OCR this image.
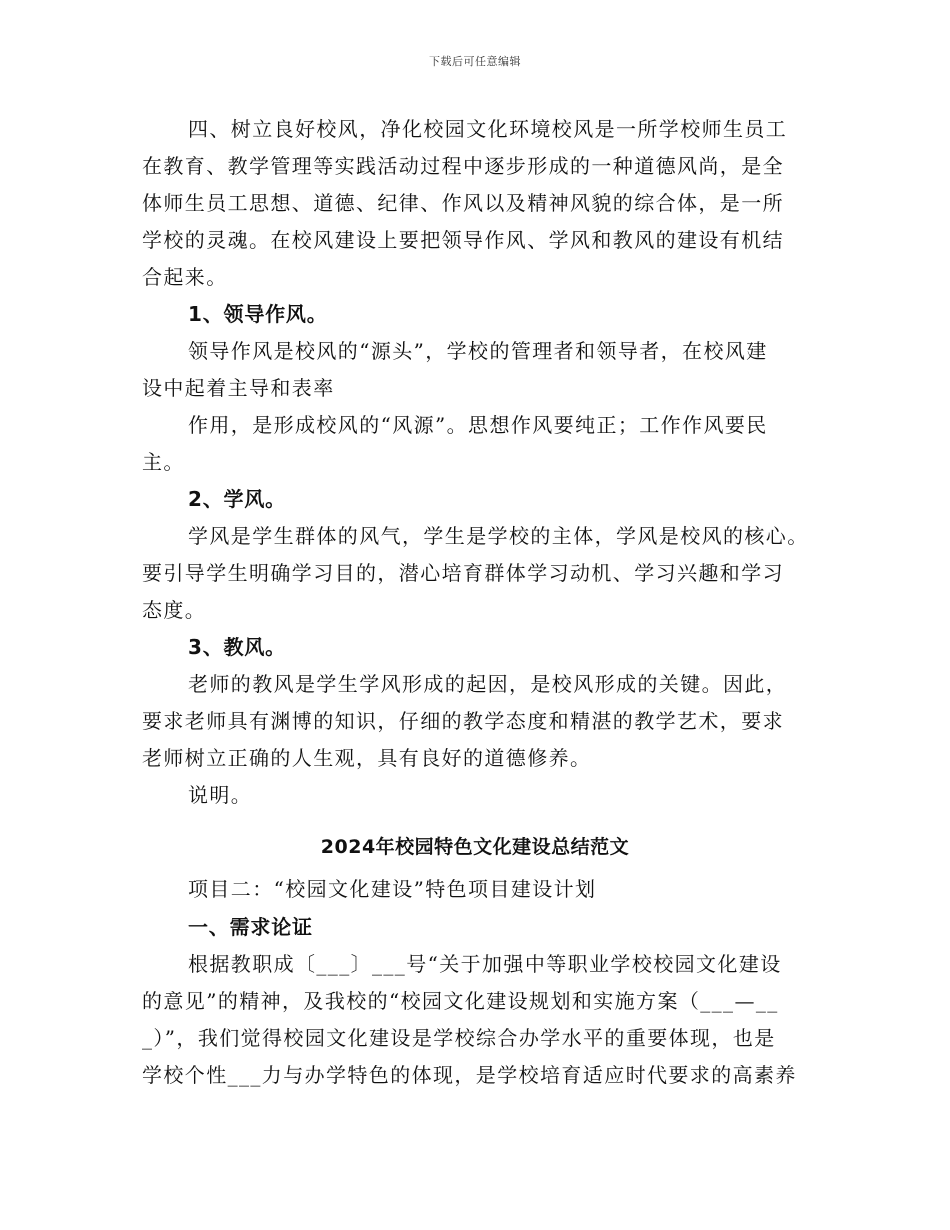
下载后可任意编辑
四、树立良好校风，净化校园文化环境校风是一所学校师生员工
在教育、教学管理等实践活动过程中逐步形成的一种道德风尚，是全
体师生员工思想、道德、纪律、作风以及精神风貌的综合体，是一所
学校的灵魂。在校风建设上要把领导作风、学风和教风的建设有机结
合起来。
1、领导作风。
领导作风是校风的“源头”，学校的管理者和领导者，在校风建
设中起着主导和表率
作用，是形成校风的“风源”。思想作风要纯正；工作作风要民
主。
2、学风。
学风是学生群体的风气，学生是学校的主体，学风是校风的核心。
要引导学生明确学习目的，潜心培育群体学习动机、学习兴趣和学习
态度。
3、教风。
老师的教风是学生学风形成的起因，是校风形成的关键。因此，
要求老师具有渊博的知识，仔细的教学态度和精湛的教学艺术，要求
老师树立正确的人生观，具有良好的道德修养。
说明。
2024年校园特色文化建设总结范文
项目二：“校园文化建设”特色项目建设计划
一、需求论证
根据教职成〔___〕___号“关于加强中等职业学校校园文化建设
的意见”的精神，及我校的“校园文化建设规划和实施方案（___—__
_）”，我们觉得校园文化建设是学校综合办学水平的重要体现，也是
学校个性___力与办学特色的体现，是学校培育适应时代要求的高素养
